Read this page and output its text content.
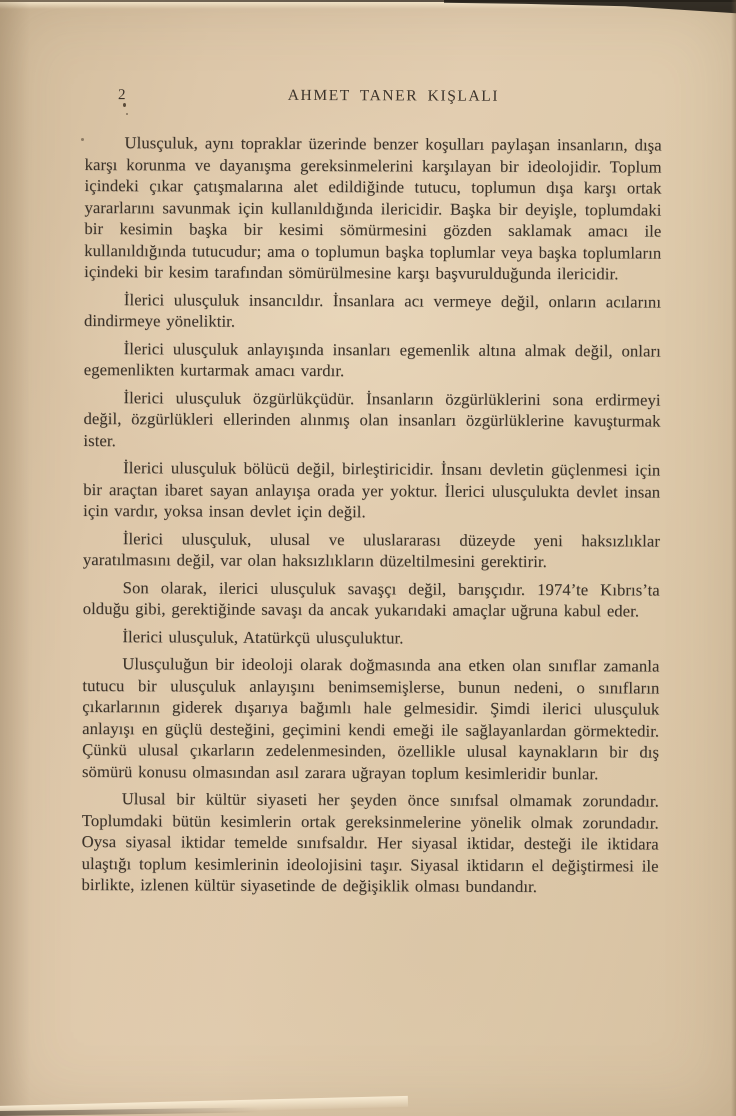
2	AHMET TANER KIŞLALI

Ulusçuluk, aynı topraklar üzerinde benzer koşulları paylaşan insanların, dışa karşı korunma ve dayanışma gereksinmelerini karşılayan bir ideolojidir. Toplum içindeki çıkar çatışmalarına alet edildiğinde tutucu, toplumun dışa karşı ortak yararlarını savunmak için kullanıldığında ilericidir. Başka bir deyişle, toplumdaki bir kesimin başka bir kesimi sömürmesini gözden saklamak amacı ile kullanıldığında tutucudur; ama o toplumun başka toplumlar veya başka toplumların içindeki bir kesim tarafından sömürülmesine karşı başvurulduğunda ilericidir.

İlerici ulusçuluk insancıldır. İnsanlara acı vermeye değil, onların acılarını dindirmeye yöneliktir.

İlerici ulusçuluk anlayışında insanları egemenlik altına almak değil, onları egemenlikten kurtarmak amacı vardır.

İlerici ulusçuluk özgürlükçüdür. İnsanların özgürlüklerini sona erdirmeyi değil, özgürlükleri ellerinden alınmış olan insanları özgürlüklerine kavuşturmak ister.

İlerici ulusçuluk bölücü değil, birleştiricidir. İnsanı devletin güçlenmesi için bir araçtan ibaret sayan anlayışa orada yer yoktur. İlerici ulusçulukta devlet insan için vardır, yoksa insan devlet için değil.

İlerici ulusçuluk, ulusal ve uluslararası düzeyde yeni haksızlıklar yaratılmasını değil, var olan haksızlıkların düzeltilmesini gerektirir.

Son olarak, ilerici ulusçuluk savaşçı değil, barışçıdır. 1974’te Kıbrıs’ta olduğu gibi, gerektiğinde savaşı da ancak yukarıdaki amaçlar uğruna kabul eder.

İlerici ulusçuluk, Atatürkçü ulusçuluktur.

Ulusçuluğun bir ideoloji olarak doğmasında ana etken olan sınıflar zamanla tutucu bir ulusçuluk anlayışını benimsemişlerse, bunun nedeni, o sınıfların çıkarlarının giderek dışarıya bağımlı hale gelmesidir. Şimdi ilerici ulusçuluk anlayışı en güçlü desteğini, geçimini kendi emeği ile sağlayanlardan görmektedir. Çünkü ulusal çıkarların zedelenmesinden, özellikle ulusal kaynakların bir dış sömürü konusu olmasından asıl zarara uğrayan toplum kesimleridir bunlar.

Ulusal bir kültür siyaseti her şeyden önce sınıfsal olmamak zorundadır. Toplumdaki bütün kesimlerin ortak gereksinmelerine yönelik olmak zorundadır. Oysa siyasal iktidar temelde sınıfsaldır. Her siyasal iktidar, desteği ile iktidara ulaştığı toplum kesimlerinin ideolojisini taşır. Siyasal iktidarın el değiştirmesi ile birlikte, izlenen kültür siyasetinde de değişiklik olması bundandır.
